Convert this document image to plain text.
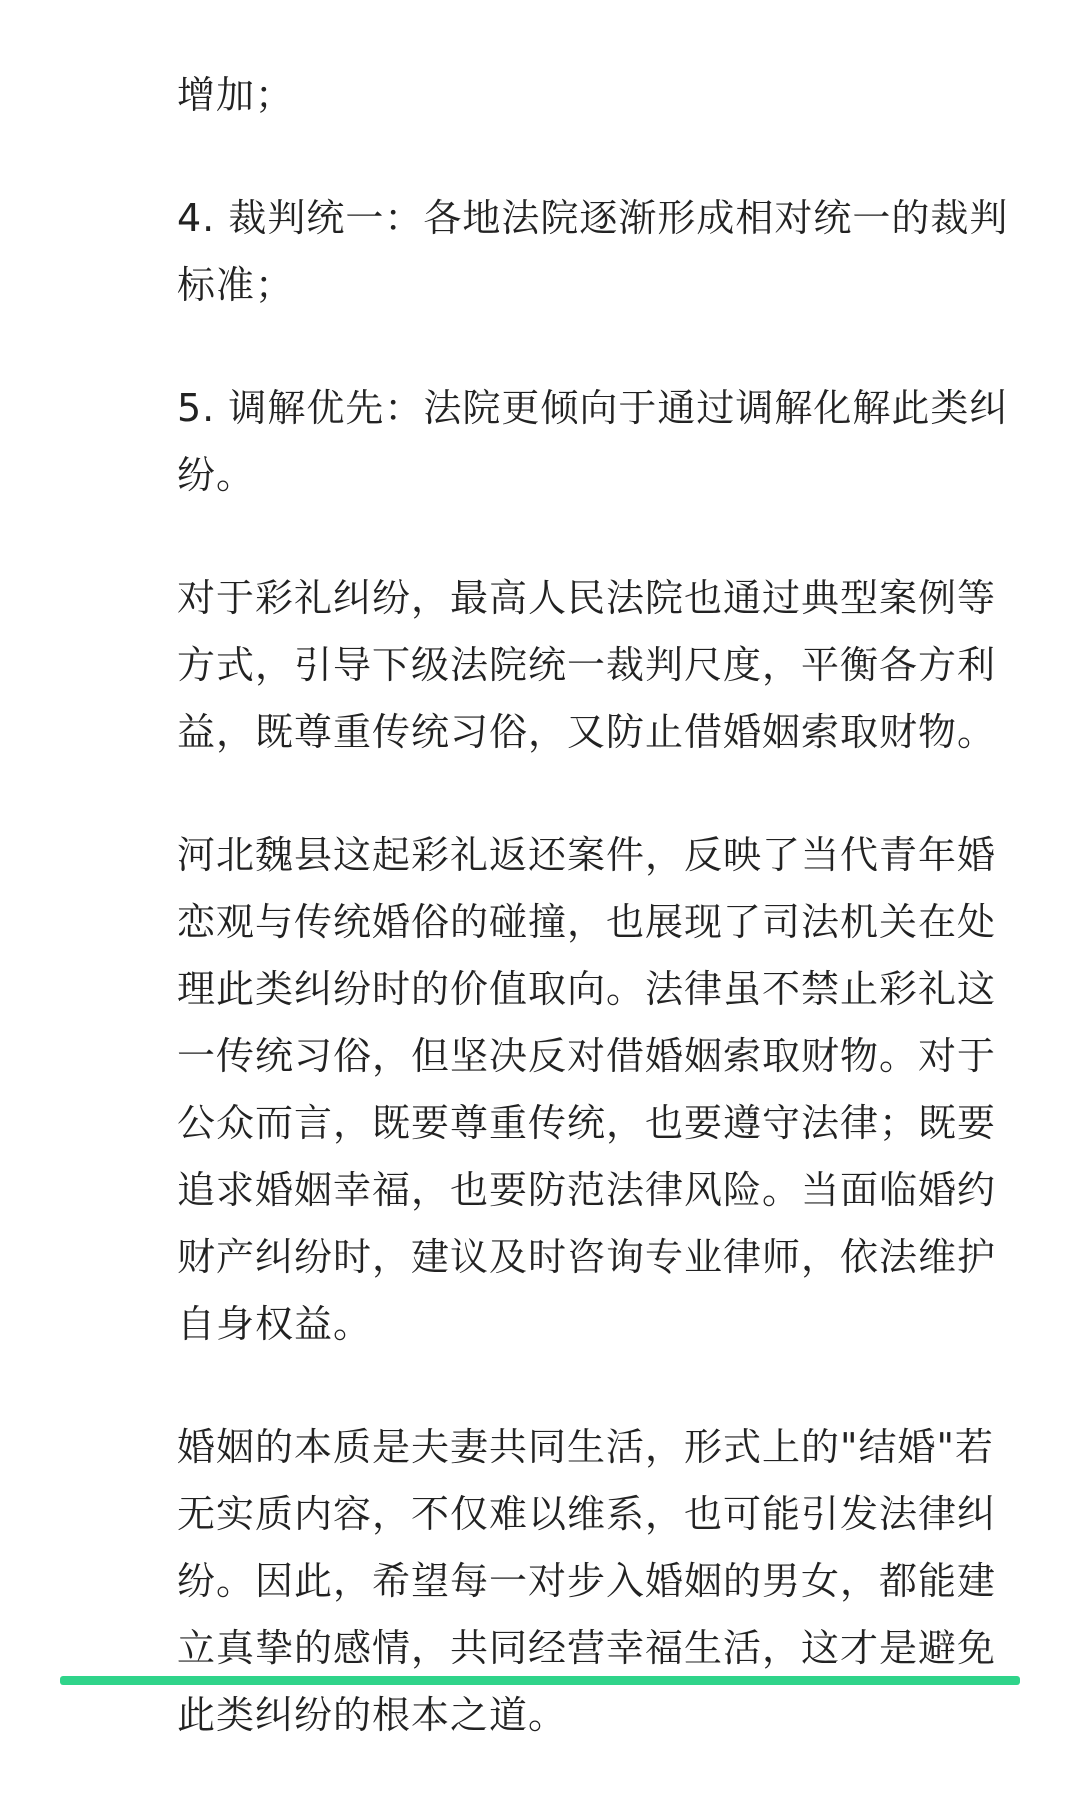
增加；

4. 裁判统一：各地法院逐渐形成相对统一的裁判标准；

5. 调解优先：法院更倾向于通过调解化解此类纠纷。

对于彩礼纠纷，最高人民法院也通过典型案例等方式，引导下级法院统一裁判尺度，平衡各方利益，既尊重传统习俗，又防止借婚姻索取财物。

河北魏县这起彩礼返还案件，反映了当代青年婚恋观与传统婚俗的碰撞，也展现了司法机关在处理此类纠纷时的价值取向。法律虽不禁止彩礼这一传统习俗，但坚决反对借婚姻索取财物。对于公众而言，既要尊重传统，也要遵守法律；既要追求婚姻幸福，也要防范法律风险。当面临婚约财产纠纷时，建议及时咨询专业律师，依法维护自身权益。

婚姻的本质是夫妻共同生活，形式上的"结婚"若无实质内容，不仅难以维系，也可能引发法律纠纷。因此，希望每一对步入婚姻的男女，都能建立真挚的感情，共同经营幸福生活，这才是避免此类纠纷的根本之道。
